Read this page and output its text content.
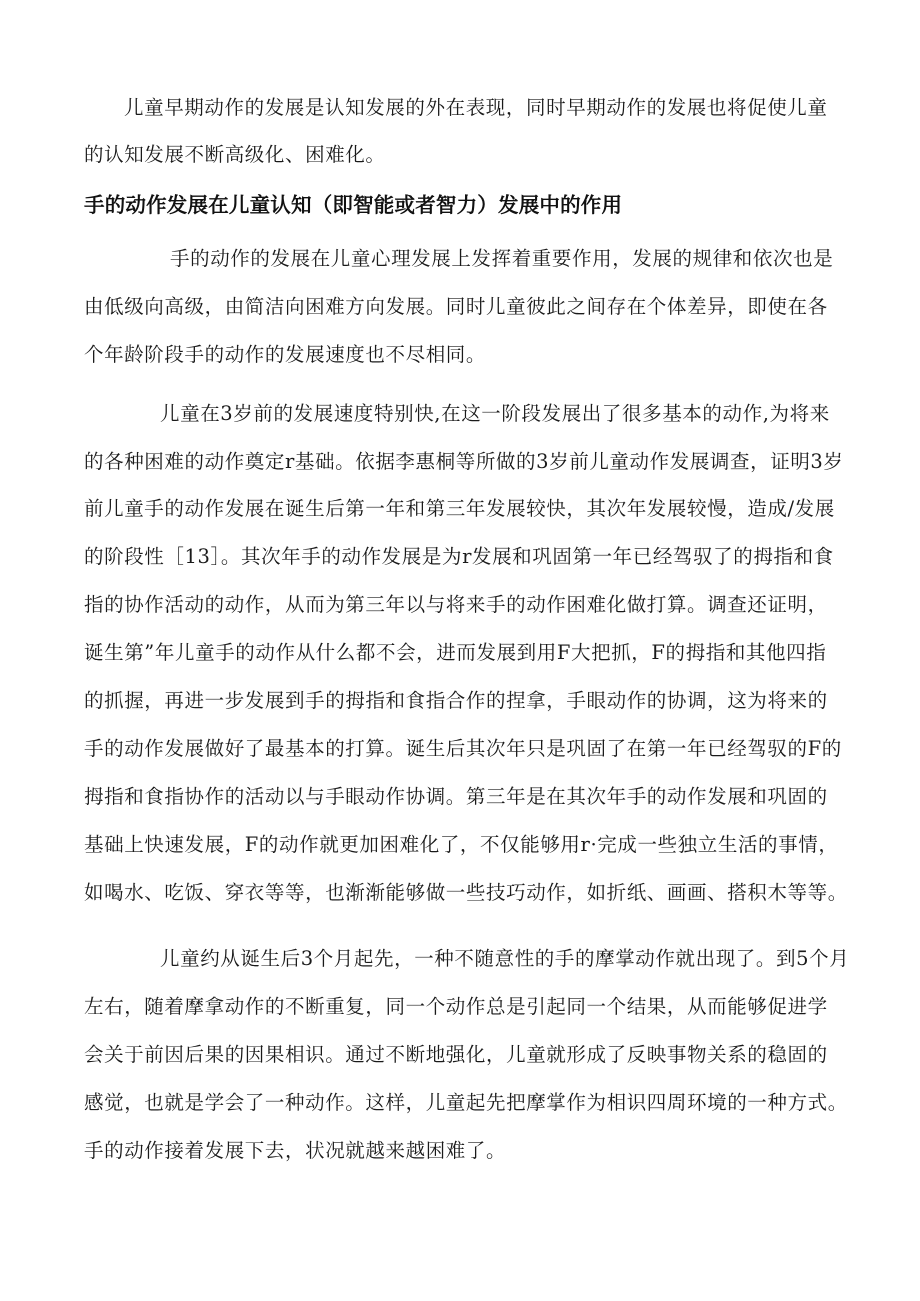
儿童早期动作的发展是认知发展的外在表现，同时早期动作的发展也将促使儿童

的认知发展不断高级化、困难化。

手的动作发展在儿童认知（即智能或者智力）发展中的作用

手的动作的发展在儿童心理发展上发挥着重要作用，发展的规律和依次也是

由低级向高级，由简洁向困难方向发展。同时儿童彼此之间存在个体差异，即使在各

个年龄阶段手的动作的发展速度也不尽相同。

儿童在3岁前的发展速度特别快,在这一阶段发展出了很多基本的动作,为将来

的各种困难的动作奠定r基础。依据李惠桐等所做的3岁前儿童动作发展调查，证明3岁

前儿童手的动作发展在诞生后第一年和第三年发展较快，其次年发展较慢，造成/发展

的阶段性［13］。其次年手的动作发展是为r发展和巩固第一年已经驾驭了的拇指和食

指的协作活动的动作，从而为第三年以与将来手的动作困难化做打算。调查还证明，

诞生第”年儿童手的动作从什么都不会，进而发展到用F大把抓，F的拇指和其他四指

的抓握，再进一步发展到手的拇指和食指合作的捏拿，手眼动作的协调，这为将来的

手的动作发展做好了最基本的打算。诞生后其次年只是巩固了在第一年已经驾驭的F的

拇指和食指协作的活动以与手眼动作协调。第三年是在其次年手的动作发展和巩固的

基础上快速发展，F的动作就更加困难化了，不仅能够用r·完成一些独立生活的事情，

如喝水、吃饭、穿衣等等，也渐渐能够做一些技巧动作，如折纸、画画、搭积木等等。

儿童约从诞生后3个月起先，一种不随意性的手的摩掌动作就出现了。到5个月

左右，随着摩拿动作的不断重复，同一个动作总是引起同一个结果，从而能够促进学

会关于前因后果的因果相识。通过不断地强化，儿童就形成了反映事物关系的稳固的

感觉，也就是学会了一种动作。这样，儿童起先把摩掌作为相识四周环境的一种方式。

手的动作接着发展下去，状况就越来越困难了。
